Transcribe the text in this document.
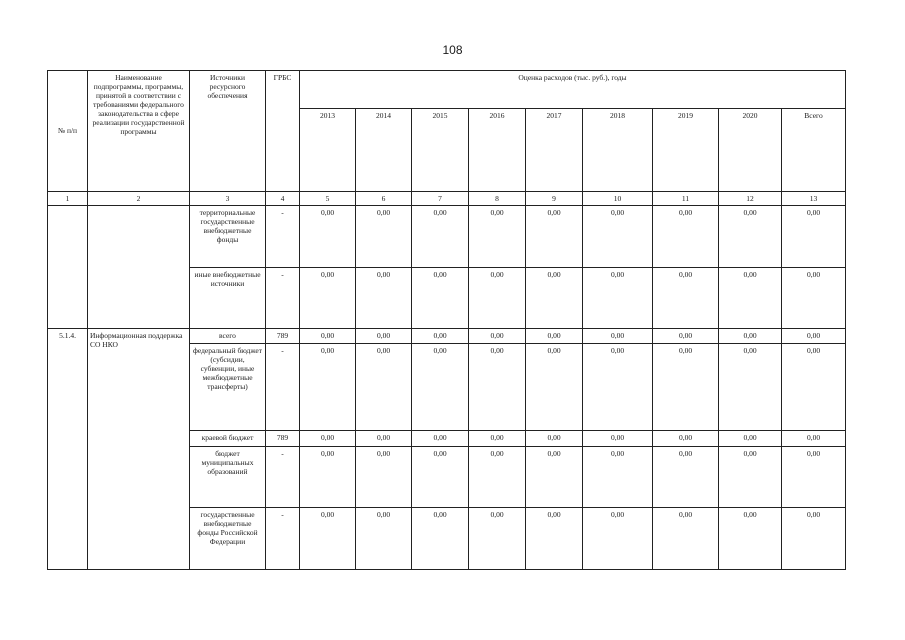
108
№ п/п	Наименование подпрограммы, программы, принятой в соответствии с требованиями федерального законодательства в сфере реализации государственной программы	Источники ресурсного обеспечения	ГРБС	Оценка расходов (тыс. руб.), годы								
				2013	2014	2015	2016	2017	2018	2019	2020	Всего
1	2	3	4	5	6	7	8	9	10	11	12	13
		территориальные государственные внебюджетные фонды	-	0,00	0,00	0,00	0,00	0,00	0,00	0,00	0,00	0,00
		иные внебюджетные источники	-	0,00	0,00	0,00	0,00	0,00	0,00	0,00	0,00	0,00
5.1.4.	Информационная поддержка СО НКО	всего	789	0,00	0,00	0,00	0,00	0,00	0,00	0,00	0,00	0,00
		федеральный бюджет (субсидии, субвенции, иные межбюджетные трансферты)	-	0,00	0,00	0,00	0,00	0,00	0,00	0,00	0,00	0,00
		краевой бюджет	789	0,00	0,00	0,00	0,00	0,00	0,00	0,00	0,00	0,00
		бюджет муниципальных образований	-	0,00	0,00	0,00	0,00	0,00	0,00	0,00	0,00	0,00
		государственные внебюджетные фонды Российской Федерации	-	0,00	0,00	0,00	0,00	0,00	0,00	0,00	0,00	0,00
